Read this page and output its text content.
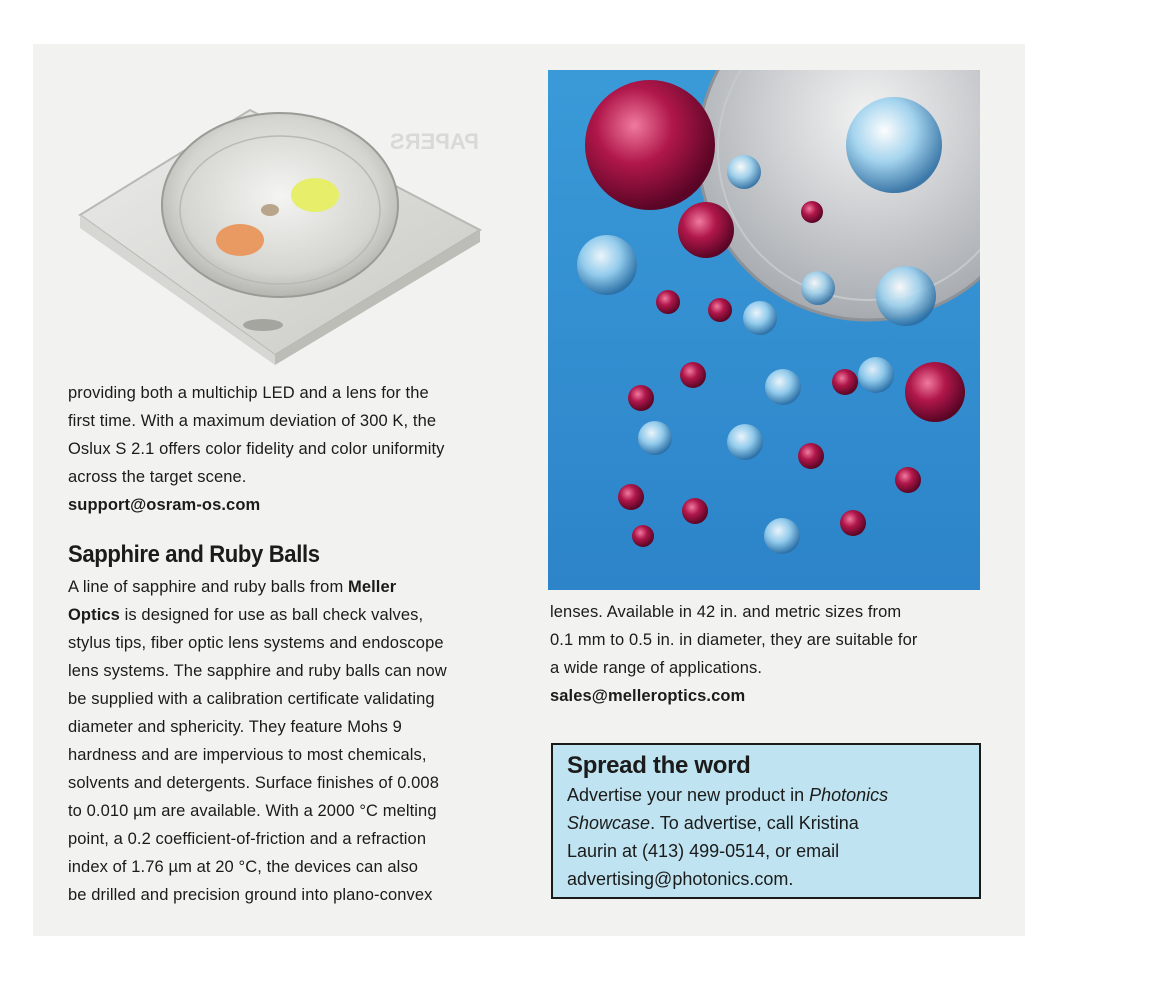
PAPERS
providing both a multichip LED and a lens for the
first time. With a maximum deviation of 300 K, the
Oslux S 2.1 offers color fidelity and color uniformity
across the target scene.
support@osram-os.com
Sapphire and Ruby Balls
A line of sapphire and ruby balls from Meller
Optics is designed for use as ball check valves,
stylus tips, fiber optic lens systems and endoscope
lens systems. The sapphire and ruby balls can now
be supplied with a calibration certificate validating
diameter and sphericity. They feature Mohs 9
hardness and are impervious to most chemicals,
solvents and detergents. Surface finishes of 0.008
to 0.010 µm are available. With a 2000 °C melting
point, a 0.2 coefficient-of-friction and a refraction
index of 1.76 µm at 20 °C, the devices can also
be drilled and precision ground into plano-convex
lenses. Available in 42 in. and metric sizes from
0.1 mm to 0.5 in. in diameter, they are suitable for
a wide range of applications.
sales@melleroptics.com
Spread the word

Advertise your new product in Photonics

Showcase. To advertise, call Kristina

Laurin at (413) 499-0514, or email

advertising@photonics.com.
